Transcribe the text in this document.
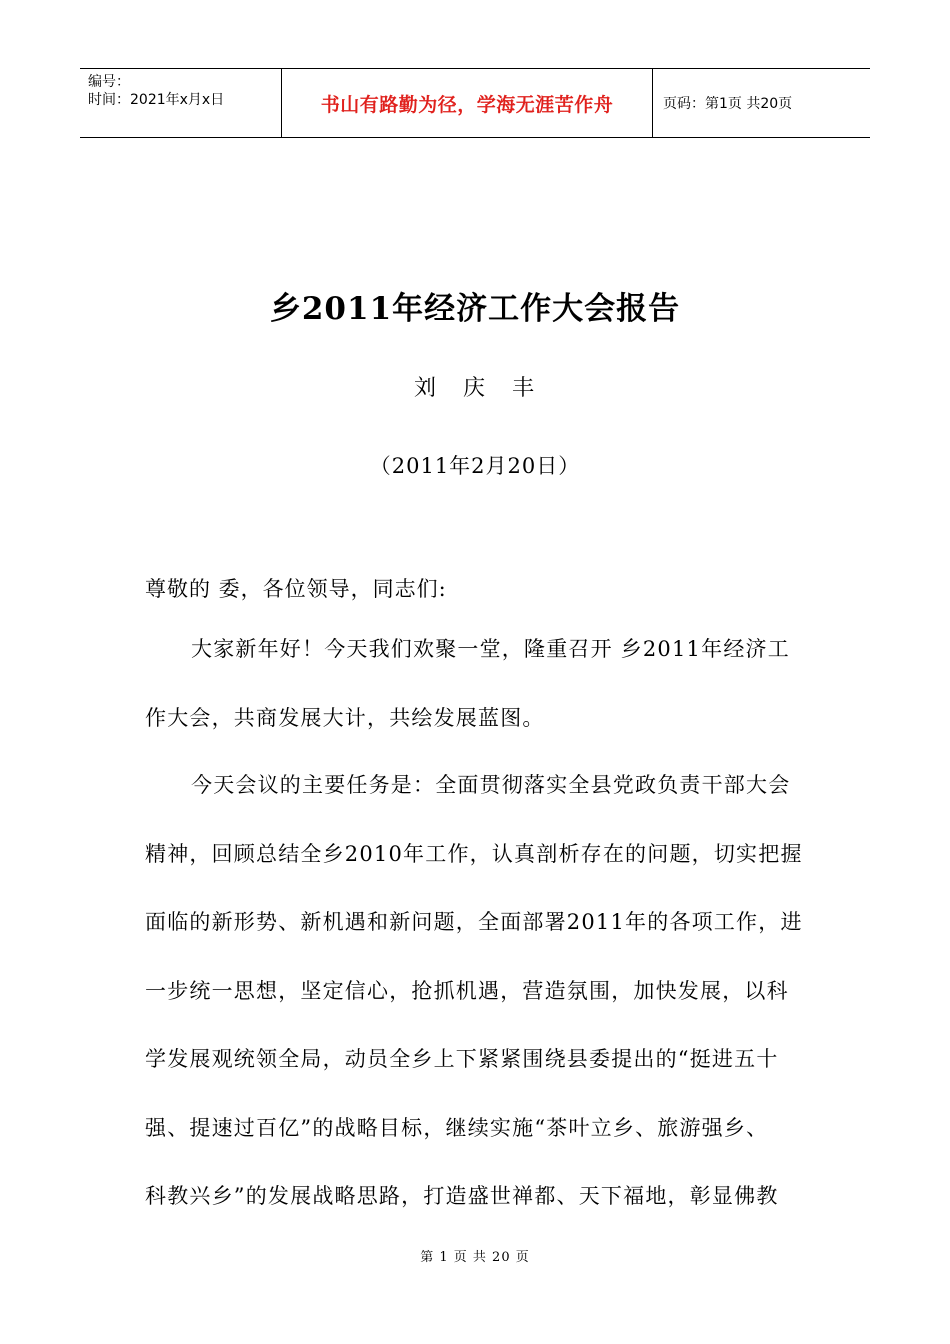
编号：
时间：2021年x月x日	书山有路勤为径，学海无涯苦作舟	页码：第1页 共20页
乡2011年经济工作大会报告
刘 庆 丰
（2011年2月20日）
尊敬的 委，各位领导，同志们:
大家新年好！今天我们欢聚一堂，隆重召开 乡2011年经济工
作大会，共商发展大计，共绘发展蓝图。
今天会议的主要任务是：全面贯彻落实全县党政负责干部大会
精神，回顾总结全乡2010年工作，认真剖析存在的问题，切实把握
面临的新形势、新机遇和新问题，全面部署2011年的各项工作，进
一步统一思想，坚定信心，抢抓机遇，营造氛围，加快发展，以科
学发展观统领全局，动员全乡上下紧紧围绕县委提出的“挺进五十
强、提速过百亿”的战略目标，继续实施“茶叶立乡、旅游强乡、
科教兴乡”的发展战略思路，打造盛世禅都、天下福地，彰显佛教
第 1 页 共 20 页
